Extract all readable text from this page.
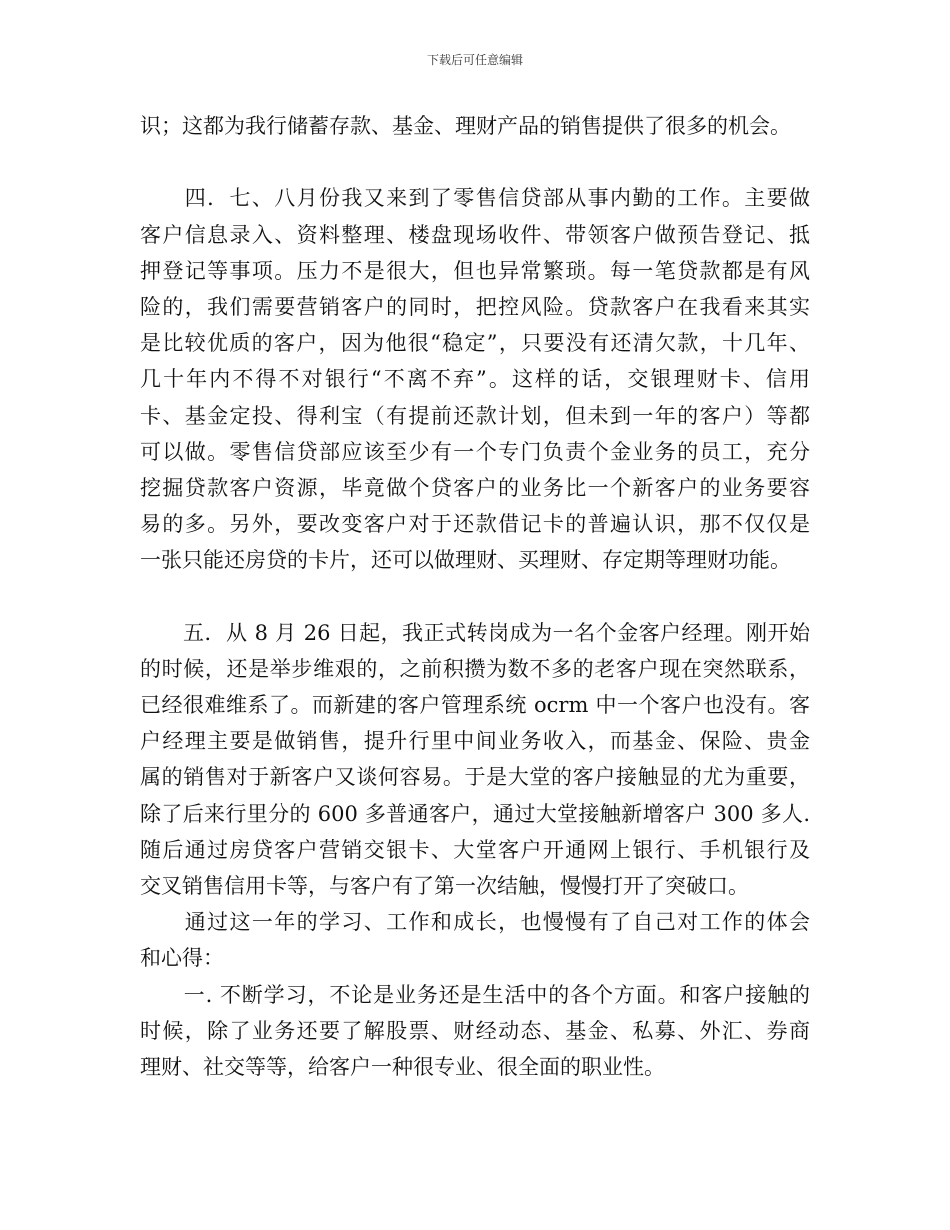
下载后可任意编辑
识；这都为我行储蓄存款、基金、理财产品的销售提供了很多的机会。
　　四．七、八月份我又来到了零售信贷部从事内勤的工作。主要做
客户信息录入、资料整理、楼盘现场收件、带领客户做预告登记、抵
押登记等事项。压力不是很大，但也异常繁琐。每一笔贷款都是有风
险的，我们需要营销客户的同时，把控风险。贷款客户在我看来其实
是比较优质的客户，因为他很“稳定”，只要没有还清欠款，十几年、
几十年内不得不对银行“不离不弃”。这样的话，交银理财卡、信用
卡、基金定投、得利宝（有提前还款计划，但未到一年的客户）等都
可以做。零售信贷部应该至少有一个专门负责个金业务的员工，充分
挖掘贷款客户资源，毕竟做个贷客户的业务比一个新客户的业务要容
易的多。另外，要改变客户对于还款借记卡的普遍认识，那不仅仅是
一张只能还房贷的卡片，还可以做理财、买理财、存定期等理财功能。
　　五．从 8 月 26 日起，我正式转岗成为一名个金客户经理。刚开始
的时候，还是举步维艰的，之前积攒为数不多的老客户现在突然联系，
已经很难维系了。而新建的客户管理系统 ocrm 中一个客户也没有。客
户经理主要是做销售，提升行里中间业务收入，而基金、保险、贵金
属的销售对于新客户又谈何容易。于是大堂的客户接触显的尤为重要，
除了后来行里分的 600 多普通客户，通过大堂接触新增客户 300 多人.
随后通过房贷客户营销交银卡、大堂客户开通网上银行、手机银行及
交叉销售信用卡等，与客户有了第一次结触，慢慢打开了突破口。
　　通过这一年的学习、工作和成长，也慢慢有了自己对工作的体会
和心得：
　　一. 不断学习，不论是业务还是生活中的各个方面。和客户接触的
时候，除了业务还要了解股票、财经动态、基金、私募、外汇、券商
理财、社交等等，给客户一种很专业、很全面的职业性。
